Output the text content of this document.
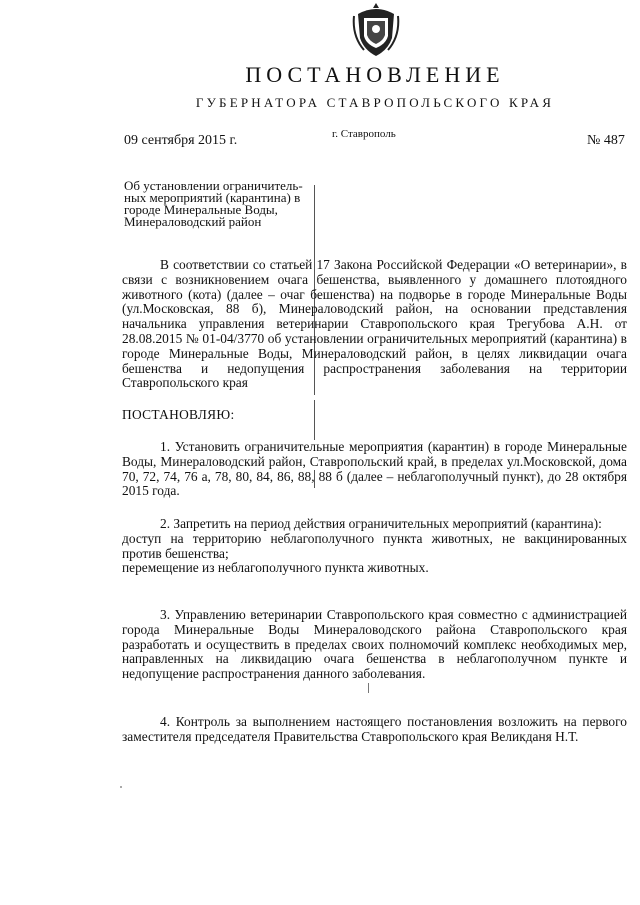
ПОСТАНОВЛЕНИЕ
ГУБЕРНАТОРА СТАВРОПОЛЬСКОГО КРАЯ
09 сентября 2015 г.	г. Ставрополь	№ 487
Об установлении ограничитель-ных мероприятий (карантина) в городе Минеральные Воды, Минераловодский район

В соответствии со статьей 17 Закона Российской Федерации «О ветеринарии», в связи с возникновением очага бешенства, выявленного у домашнего плотоядного животного (кота) (далее – очаг бешенства) на подворье в городе Минеральные Воды (ул.Московская, 88 б), Минераловодский район, на основании представления начальника управления ветеринарии Ставропольского края Трегубова А.Н. от 28.08.2015 № 01-04/3770 об установлении ограничительных мероприятий (карантина) в городе Минеральные Воды, Минераловодский район, в целях ликвидации очага бешенства и недопущения распространения заболевания на территории Ставропольского края

ПОСТАНОВЛЯЮ:

1. Установить ограничительные мероприятия (карантин) в городе Минеральные Воды, Минераловодский район, Ставропольский край, в пределах ул.Московской, дома 70, 72, 74, 76 а, 78, 80, 84, 86, 88, 88 б (далее – неблагополучный пункт), до 28 октября 2015 года.

2. Запретить на период действия ограничительных мероприятий (карантина):

доступ на территорию неблагополучного пункта животных, не вакцинированных против бешенства;

перемещение из неблагополучного пункта животных.

3. Управлению ветеринарии Ставропольского края совместно с администрацией города Минеральные Воды Минераловодского района Ставропольского края разработать и осуществить в пределах своих полномочий комплекс необходимых мер, направленных на ликвидацию очага бешенства в неблагополучном пункте и недопущение распространения данного заболевания.

4. Контроль за выполнением настоящего постановления возложить на первого заместителя председателя Правительства Ставропольского края Великданя Н.Т.
